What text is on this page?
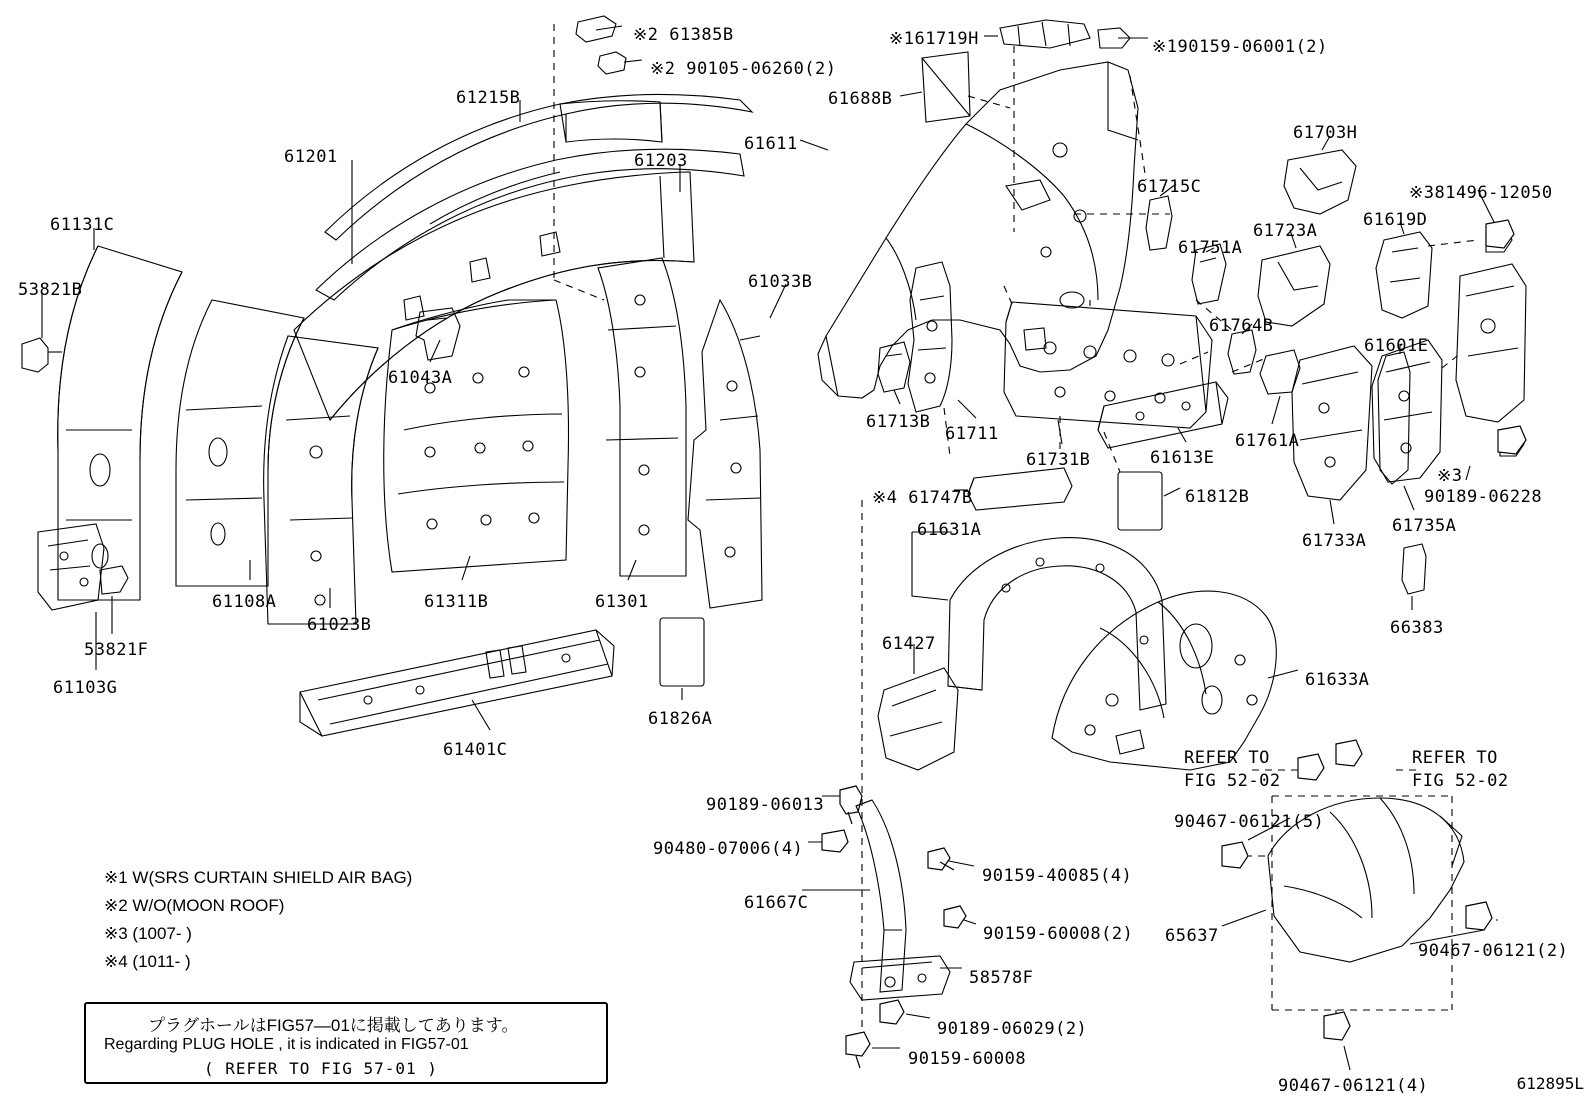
※2 61385B
※2 90105-06260(2)
61215B
61201	61203
61131C
53821B
61043A
61033B
61108A	61311B	61301
61023B
53821F
61103G
61401C
61826A
※161719H	※190159-06001(2)
61688B
61611
61703H
61715C	※381496-12050
61723A
61619D
61751A
61764B
61601E
61713B
61711
61731B	61613E
61761A
※3
90189-06228
※4 61747B	61812B
61733A
61735A
61631A
61427
61633A
66383
90189-06013
90480-07006(4)
90159-40085(4)
61667C
90159-60008(2)
58578F
90189-06029(2)
90159-60008
90467-06121(5)
65637
90467-06121(2)
90467-06121(4)
※1 W(SRS CURTAIN SHIELD AIR BAG)
※2 W/O(MOON ROOF)
※3 (1007- )
※4 (1011- )
プラグホールはFIG57—01に掲載してあります。
Regarding PLUG HOLE , it is indicated in FIG57-01
( REFER TO FIG 57-01 )
REFER TO
FIG 52-02
REFER TO
FIG 52-02
612895L
